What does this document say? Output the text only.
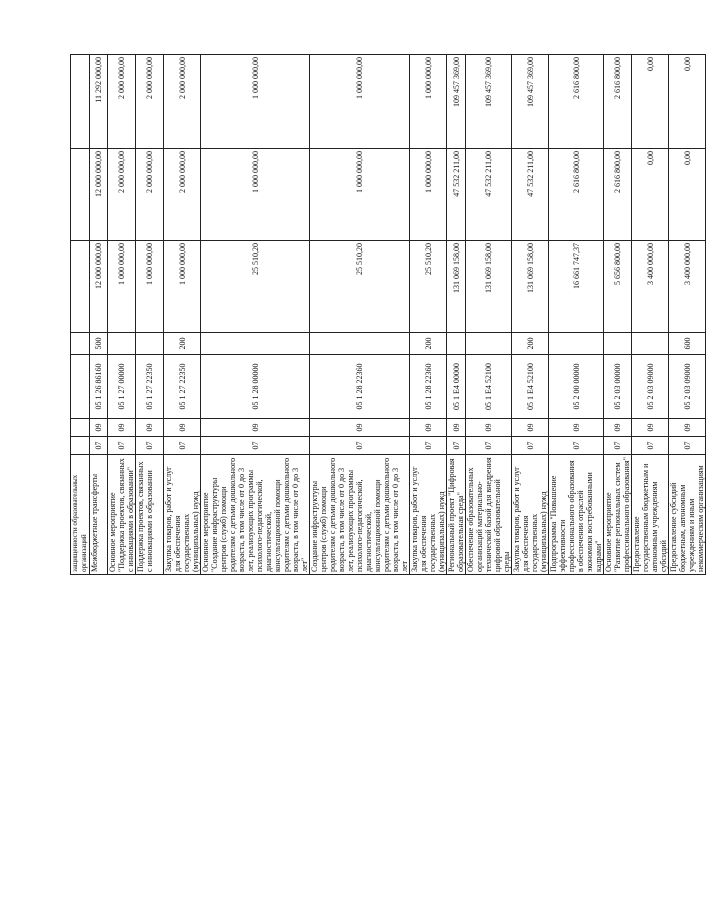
защищенности образовательных организаций							
Межбюджетные трансферты	07	09	05 1 26 86160	500	12 000 000,00	12 000 000,00	11 292 000,00
Основное мероприятие "Поддержка проектов, связанных с инновациями в образовании"	07	09	05 1 27 00000		1 000 000,00	2 000 000,00	2 000 000,00
Поддержка проектов, связанных с инновациями в образовании	07	09	05 1 27 22350		1 000 000,00	2 000 000,00	2 000 000,00
Закупка товаров, работ и услуг для обеспечения государственных (муниципальных) нужд	07	09	05 1 27 22350	200	1 000 000,00	2 000 000,00	2 000 000,00
Основное мероприятие "Создание инфраструктуры центров (служб) помощи родителям с детьми дошкольного возраста, в том числе от 0 до 3 лет, реализующих программы психолого-педагогической, диагностической, консультационной помощи родителям с детьми дошкольного возраста, в том числе от 0 до 3 лет"	07	09	05 1 28 00000		25 510,20	1 000 000,00	1 000 000,00
Создание инфраструктуры центров (служб) помощи родителям с детьми дошкольного возраста, в том числе от 0 до 3 лет, реализующих программы психолого-педагогической, диагностической, консультационной помощи родителям с детьми дошкольного возраста, в том числе от 0 до 3 лет	07	09	05 1 28 22360		25 510,20	1 000 000,00	1 000 000,00
Закупка товаров, работ и услуг для обеспечения государственных (муниципальных) нужд	07	09	05 1 28 22360	200	25 510,20	1 000 000,00	1 000 000,00
Региональный проект "Цифровая образовательная среда"	07	09	05 1 E4 00000		131 069 158,00	47 532 211,00	109 457 369,00
Обеспечение образовательных организаций материально-технической базой для внедрения цифровой образовательной среды	07	09	05 1 E4 52100		131 069 158,00	47 532 211,00	109 457 369,00
Закупка товаров, работ и услуг для обеспечения государственных (муниципальных) нужд	07	09	05 1 E4 52100	200	131 069 158,00	47 532 211,00	109 457 369,00
Подпрограмма "Повышение эффективности профессионального образования в обеспечении отраслей экономики востребованными кадрами"	07	09	05 2 00 00000		16 661 747,37	2 616 800,00	2 616 800,00
Основное мероприятие "Развитие региональных систем профессионального образования"	07	09	05 2 03 00000		5 656 800,00	2 616 800,00	2 616 800,00
Предоставление государственным бюджетным и автономным учреждениям субсидий	07	09	05 2 03 09000		3 400 000,00	0,00	0,00
Предоставление субсидий бюджетным, автономным учреждениям и иным некоммерческим организациям	07	09	05 2 03 09000	600	3 400 000,00	0,00	0,00
